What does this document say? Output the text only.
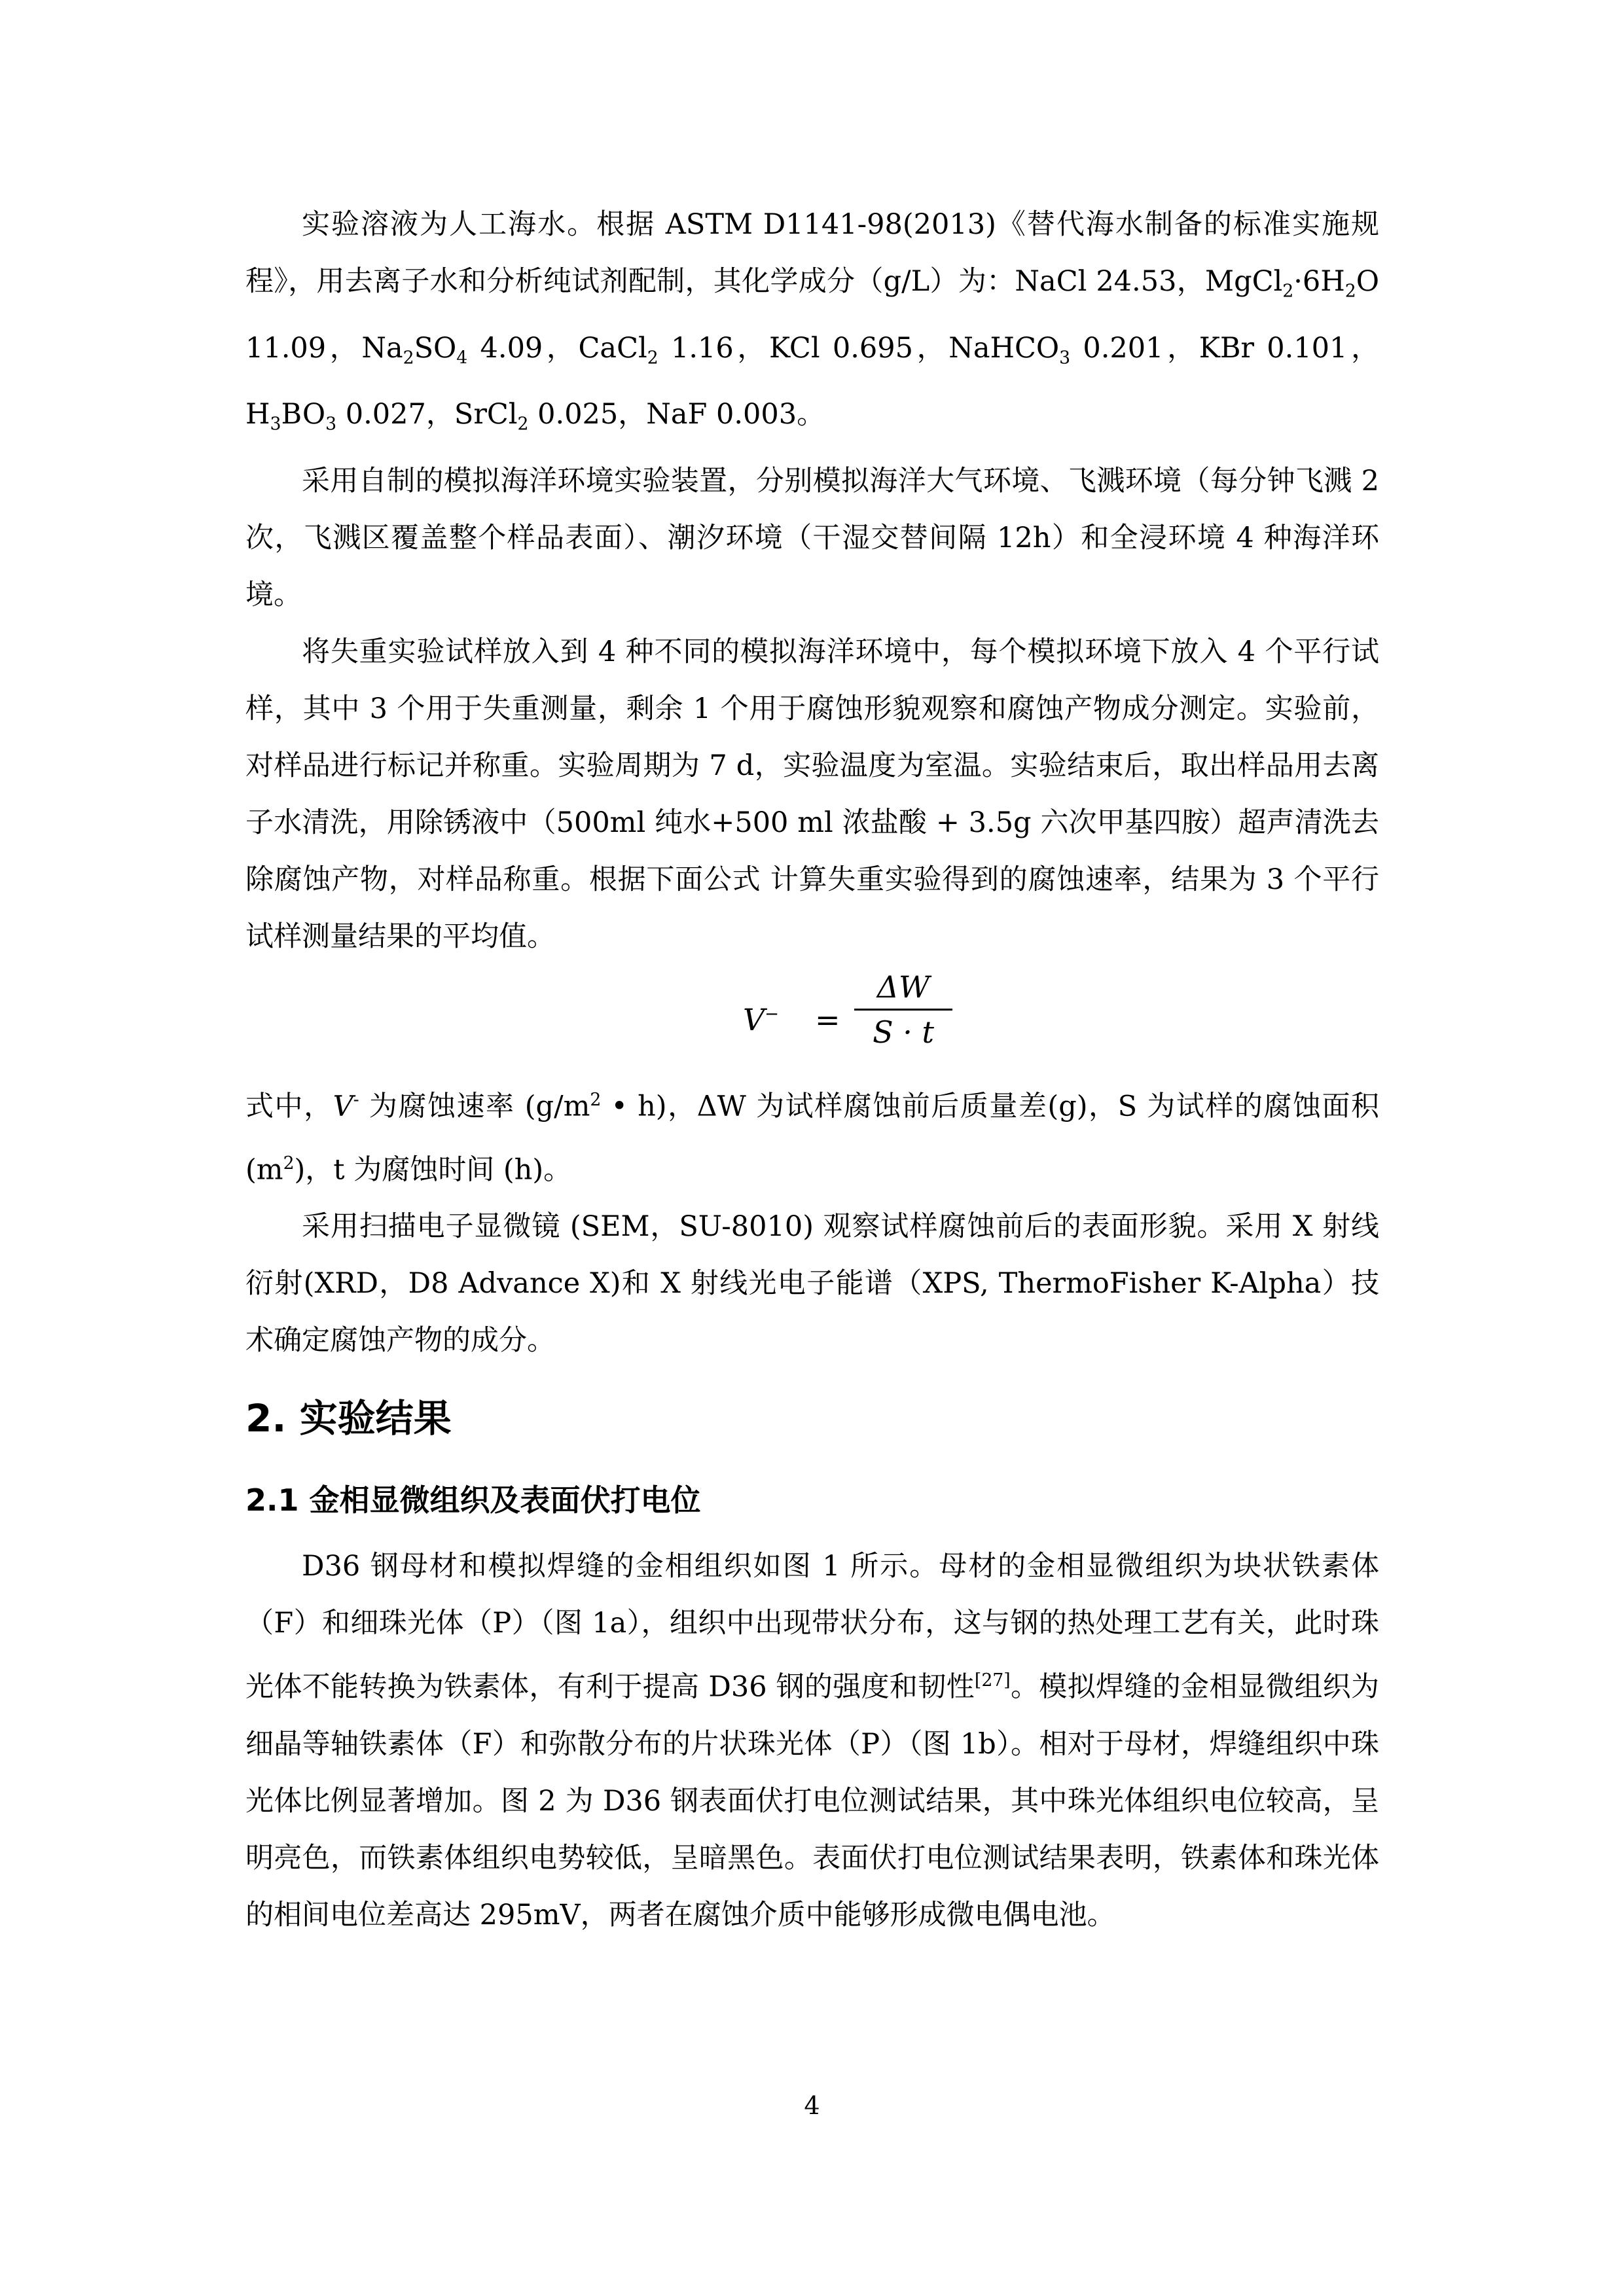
实验溶液为人工海水。根据 ASTM D1141-98(2013)《替代海水制备的标准实施规程》，用去离子水和分析纯试剂配制，其化学成分（g/L）为：NaCl 24.53，$MgCl_2\cdot 6H_2O$ 11.09，$Na_2SO_4$ 4.09，CaCl$_2$ 1.16，KCl 0.695，NaHCO$_3$ 0.201，KBr 0.101，$H_3BO_3$ 0.027，SrCl$_2$ 0.025，NaF 0.003。

采用自制的模拟海洋环境实验装置，分别模拟海洋大气环境、飞溅环境（每分钟飞溅 2 次，飞溅区覆盖整个样品表面）、潮汐环境（干湿交替间隔 12h）和全浸环境 4 种海洋环境。

将失重实验试样放入到 4 种不同的模拟海洋环境中，每个模拟环境下放入 4 个平行试样，其中 3 个用于失重测量，剩余 1 个用于腐蚀形貌观察和腐蚀产物成分测定。实验前，对样品进行标记并称重。实验周期为 7 d，实验温度为室温。实验结束后，取出样品用去离子水清洗，用除锈液中（500ml 纯水+500 ml 浓盐酸 + 3.5g 六次甲基四胺）超声清洗去除腐蚀产物，对样品称重。根据下面公式 计算失重实验得到的腐蚀速率，结果为 3 个平行试样测量结果的平均值。

$V^- = \frac{\Delta W}{S \cdot t}$

式中，V- 为腐蚀速率 ($g/m^2$ • h)，ΔW 为试样腐蚀前后质量差(g)，S 为试样的腐蚀面积 $(m^2)$，t 为腐蚀时间 (h)。

采用扫描电子显微镜 (SEM，SU-8010) 观察试样腐蚀前后的表面形貌。采用 X 射线衍射(XRD，D8 Advance X)和 X 射线光电子能谱（XPS, ThermoFisher K-Alpha）技术确定腐蚀产物的成分。

2. 实验结果
2.1 金相显微组织及表面伏打电位

D36 钢母材和模拟焊缝的金相组织如图 1 所示。母材的金相显微组织为块状铁素体（F）和细珠光体（P）（图 1a），组织中出现带状分布，这与钢的热处理工艺有关，此时珠光体不能转换为铁素体，有利于提高 D36 钢的强度和韧性[27]。模拟焊缝的金相显微组织为细晶等轴铁素体（F）和弥散分布的片状珠光体（P）（图 1b）。相对于母材，焊缝组织中珠光体比例显著增加。图 2 为 D36 钢表面伏打电位测试结果，其中珠光体组织电位较高，呈明亮色，而铁素体组织电势较低，呈暗黑色。表面伏打电位测试结果表明，铁素体和珠光体的相间电位差高达 295mV，两者在腐蚀介质中能够形成微电偶电池。

4
